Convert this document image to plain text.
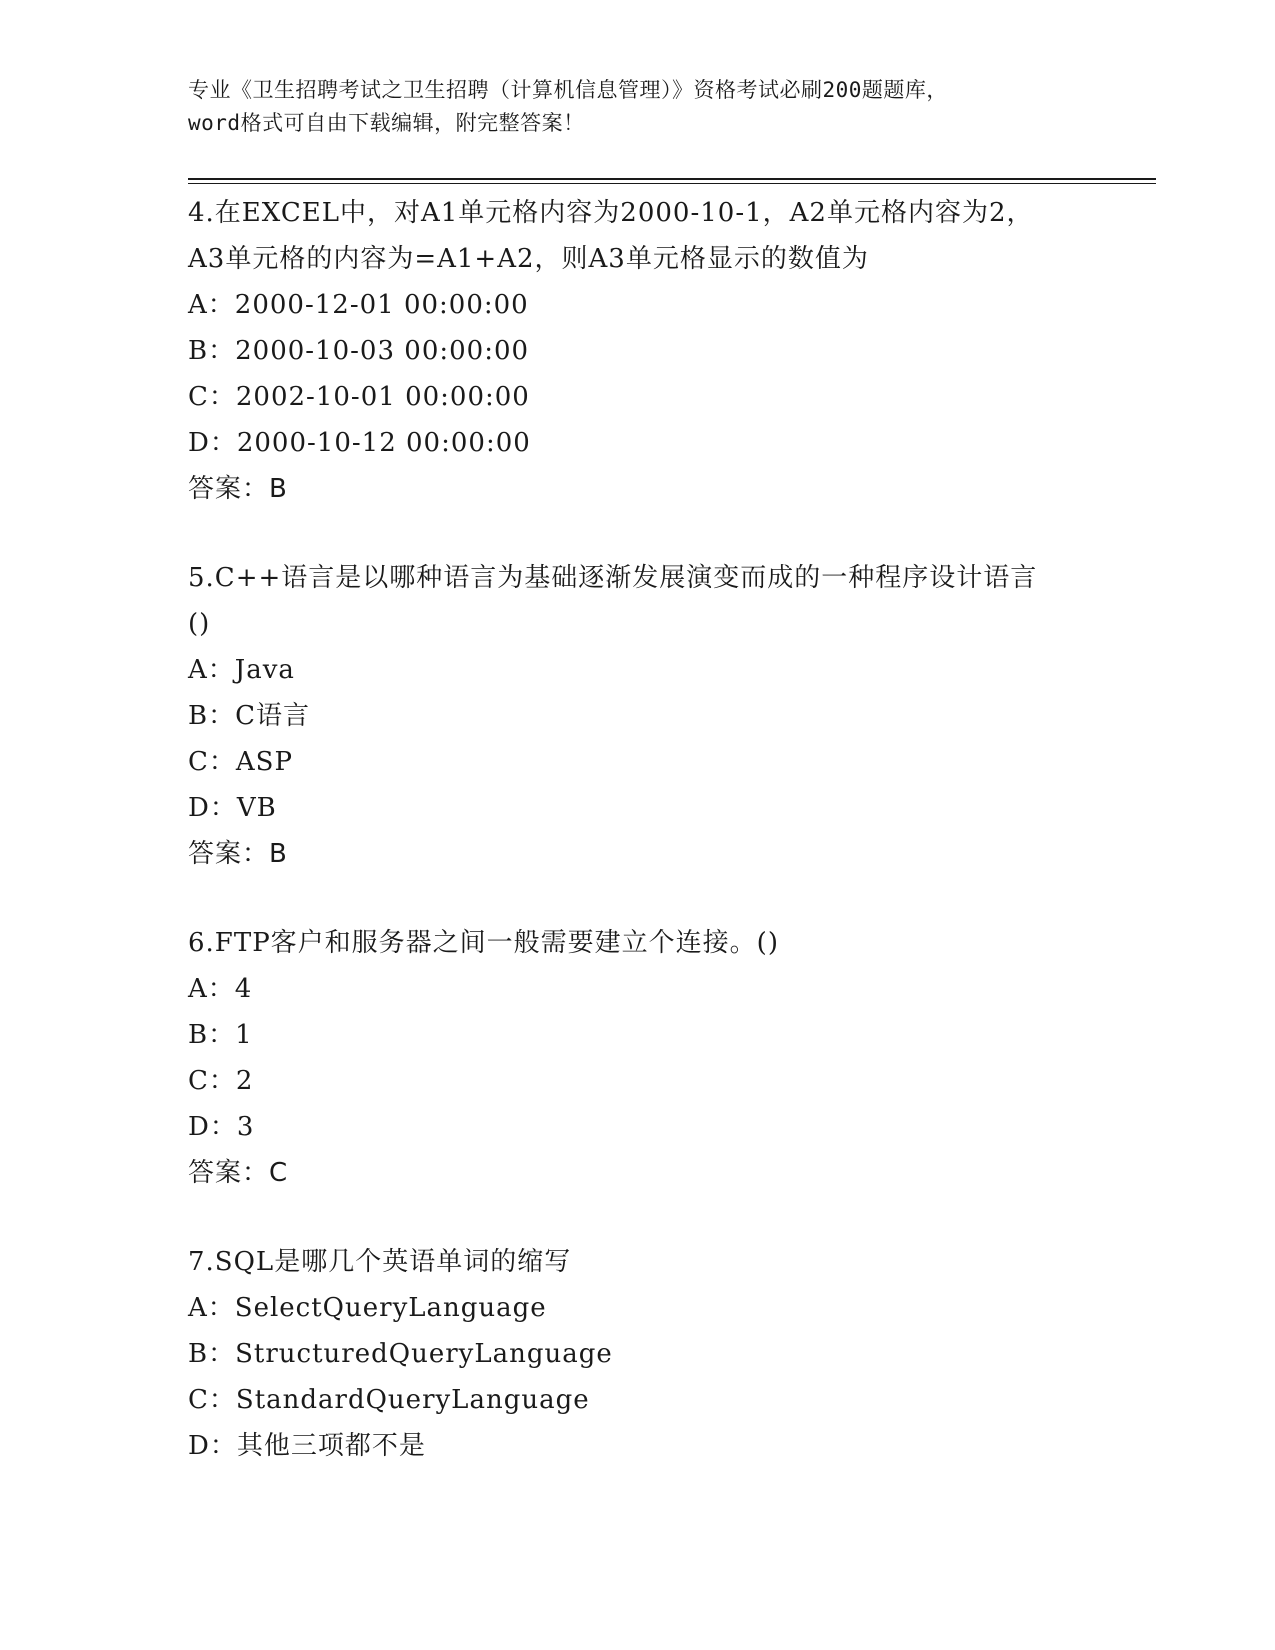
专业《卫生招聘考试之卫生招聘（计算机信息管理）》资格考试必刷200题题库，
word格式可自由下载编辑，附完整答案！
4.在EXCEL中，对A1单元格内容为2000-10-1，A2单元格内容为2，
A3单元格的内容为=A1+A2，则A3单元格显示的数值为
A：2000-12-01 00:00:00
B：2000-10-03 00:00:00
C：2002-10-01 00:00:00
D：2000-10-12 00:00:00
答案：B
5.C++语言是以哪种语言为基础逐渐发展演变而成的一种程序设计语言
()
A：Java
B：C语言
C：ASP
D：VB
答案：B
6.FTP客户和服务器之间一般需要建立个连接。()
A：4
B：1
C：2
D：3
答案：C
7.SQL是哪几个英语单词的缩写
A：SelectQueryLanguage
B：StructuredQueryLanguage
C：StandardQueryLanguage
D：其他三项都不是
